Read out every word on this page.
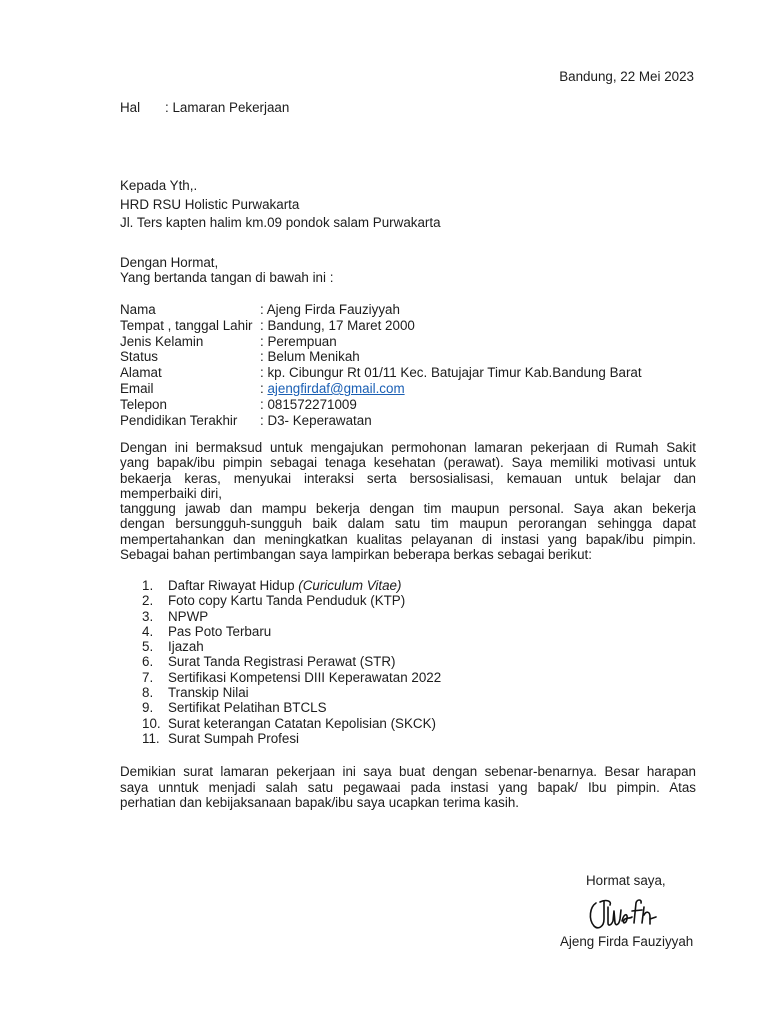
Bandung, 22 Mei 2023
Hal : Lamaran Pekerjaan
Kepada Yth,.
HRD RSU Holistic Purwakarta
Jl. Ters kapten halim km.09 pondok salam Purwakarta
Dengan Hormat,
Yang bertanda tangan di bawah ini :
Nama	: Ajeng Firda Fauziyyah
Tempat , tanggal Lahir : Bandung, 17 Maret 2000
Jenis Kelamin	: Perempuan
Status	: Belum Menikah
Alamat	: kp. Cibungur Rt 01/11 Kec. Batujajar Timur Kab.Bandung Barat
Email	: ajengfirdaf@gmail.com
Telepon	: 081572271009
Pendidikan Terakhir : D3- Keperawatan
Dengan ini bermaksud untuk mengajukan permohonan lamaran pekerjaan di Rumah Sakit
yang bapak/ibu pimpin sebagai tenaga kesehatan (perawat). Saya memiliki motivasi untuk
bekaerja keras, menyukai interaksi serta bersosialisasi, kemauan untuk belajar dan
memperbaiki diri,
tanggung jawab dan mampu bekerja dengan tim maupun personal. Saya akan bekerja
dengan bersungguh-sungguh baik dalam satu tim maupun perorangan sehingga dapat
mempertahankan dan meningkatkan kualitas pelayanan di instasi yang bapak/ibu pimpin.
Sebagai bahan pertimbangan saya lampirkan beberapa berkas sebagai berikut:
1. Daftar Riwayat Hidup (Curiculum Vitae)
2. Foto copy Kartu Tanda Penduduk (KTP)
3. NPWP
4. Pas Poto Terbaru
5. Ijazah
6. Surat Tanda Registrasi Perawat (STR)
7. Sertifikasi Kompetensi DIII Keperawatan 2022
8. Transkip Nilai
9. Sertifikat Pelatihan BTCLS
10. Surat keterangan Catatan Kepolisian (SKCK)
11. Surat Sumpah Profesi
Demikian surat lamaran pekerjaan ini saya buat dengan sebenar-benarnya. Besar harapan
saya unntuk menjadi salah satu pegawaai pada instasi yang bapak/ Ibu pimpin. Atas
perhatian dan kebijaksanaan bapak/ibu saya ucapkan terima kasih.
Hormat saya,
Ajeng Firda Fauziyyah
